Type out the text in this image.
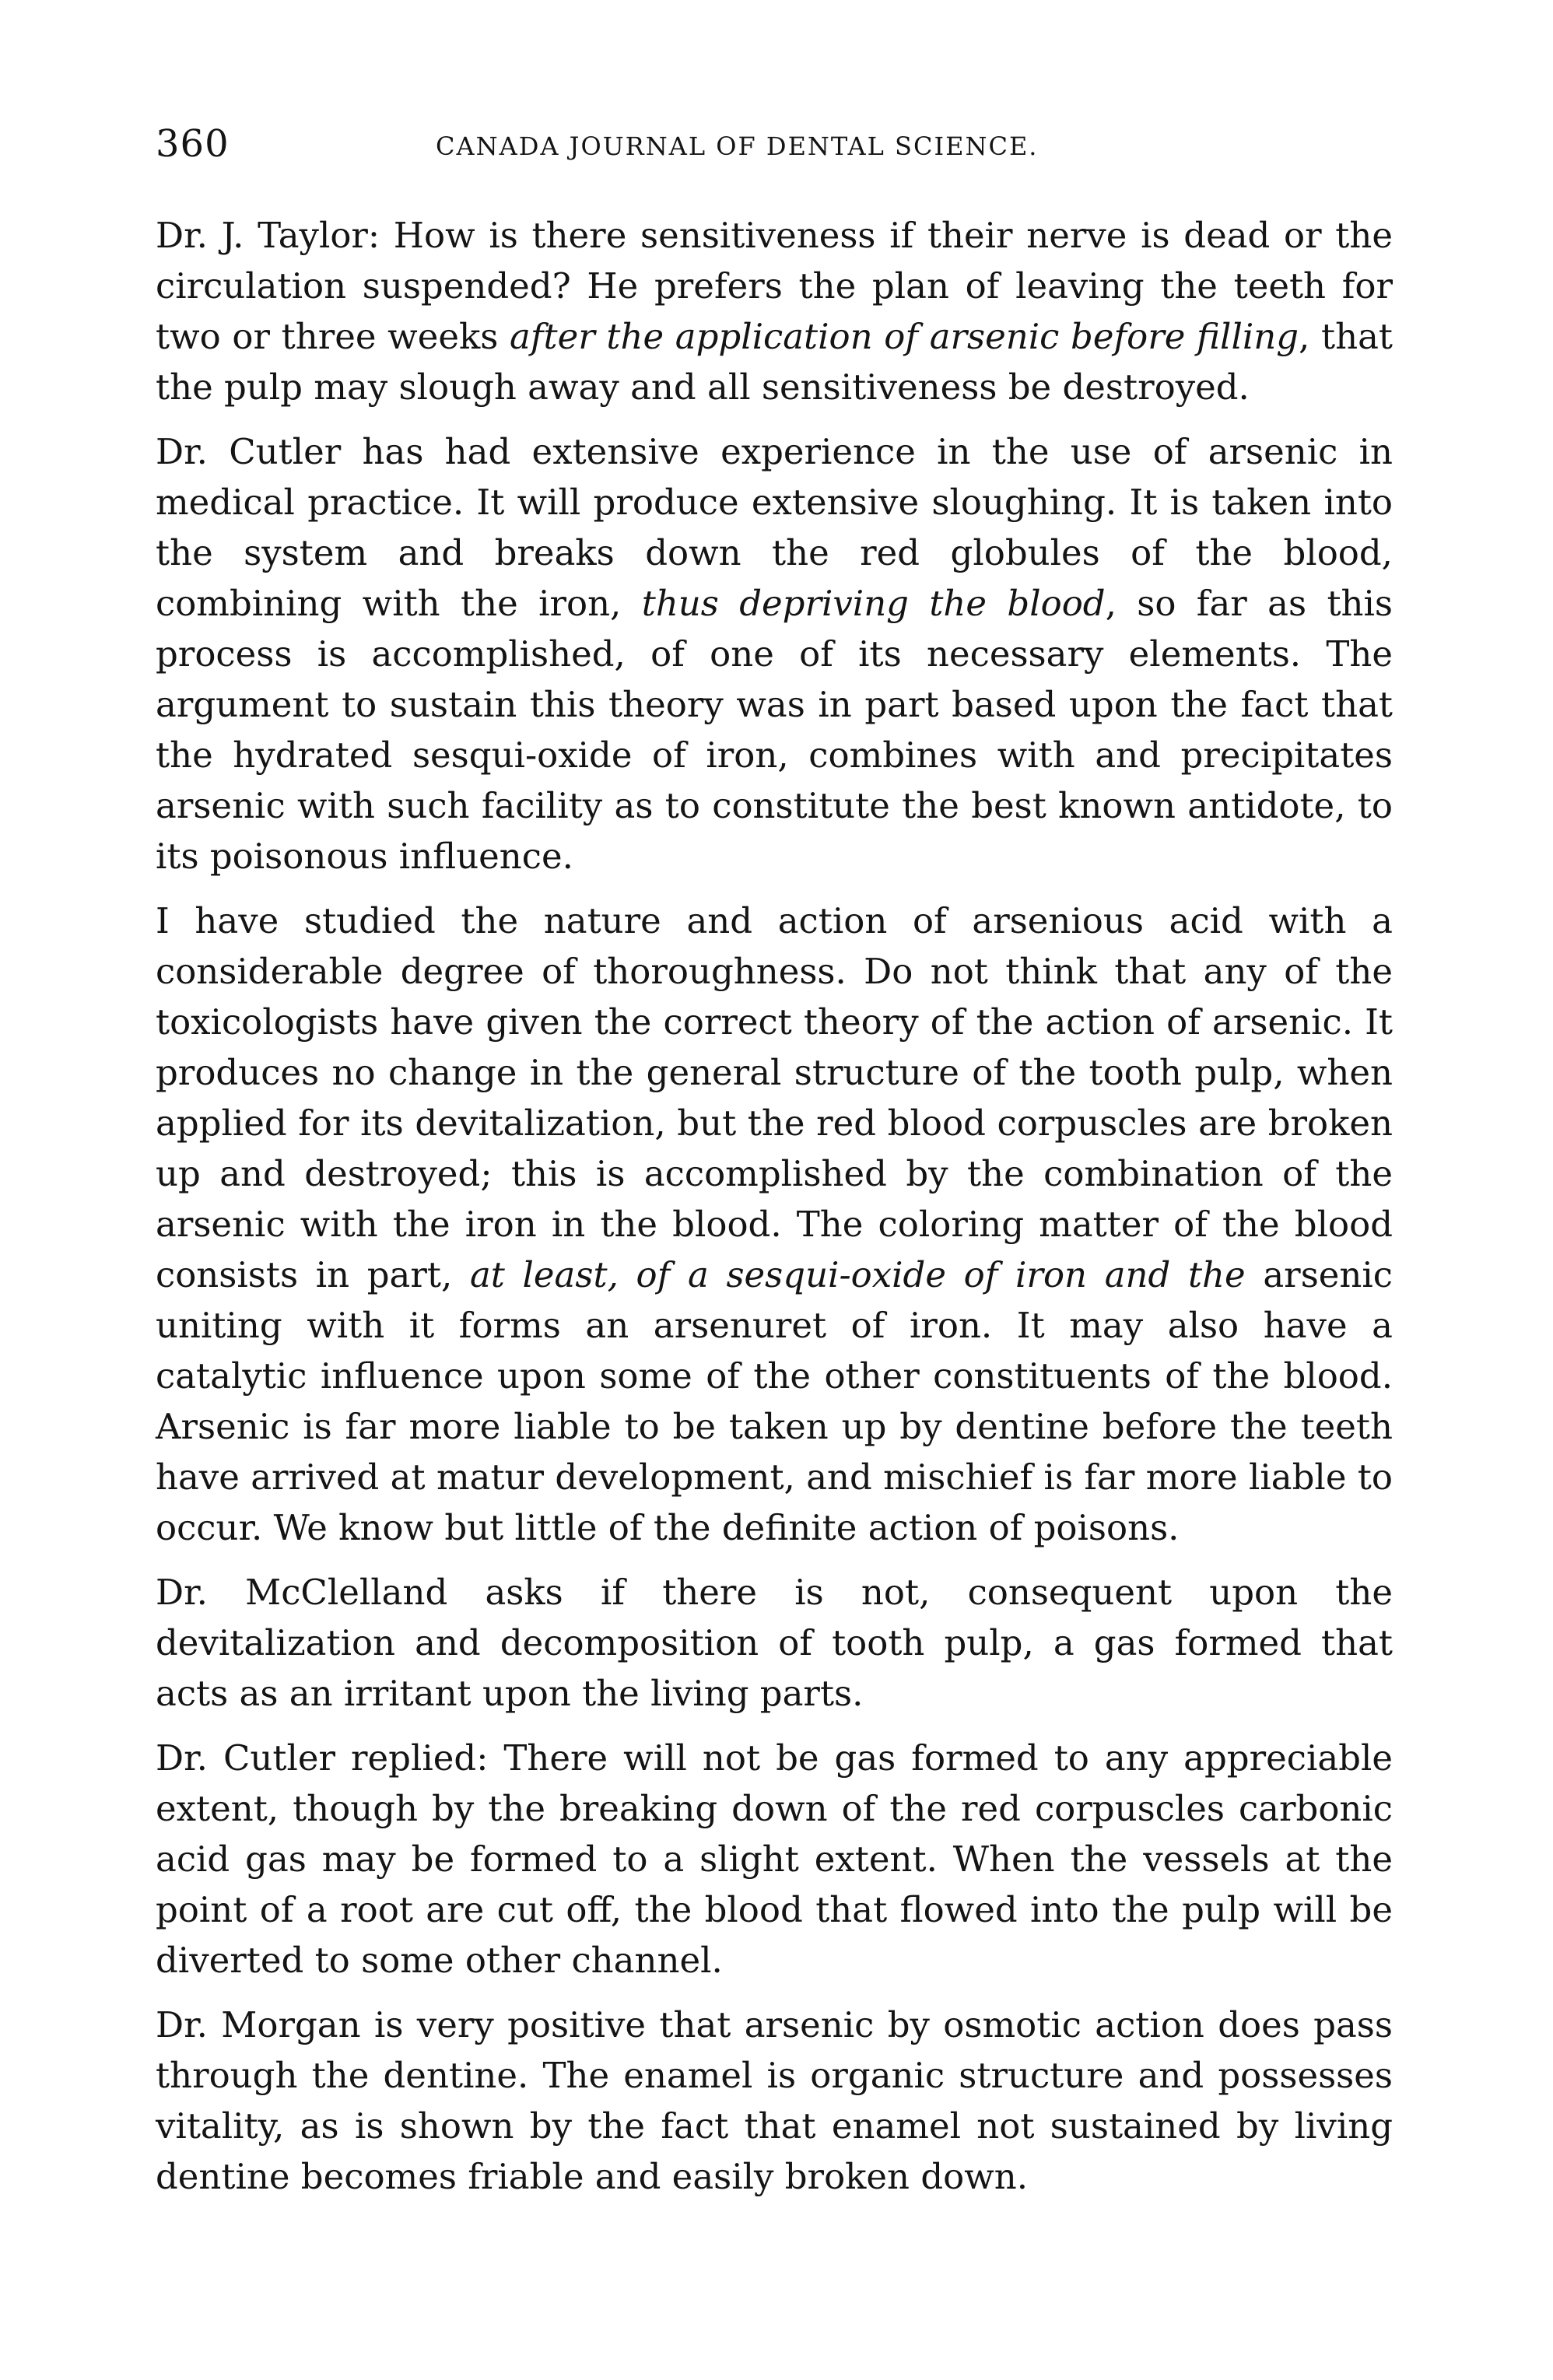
360	CANADA JOURNAL OF DENTAL SCIENCE.

Dr. J. Taylor: How is there sensitiveness if their nerve is dead or the circulation suspended? He prefers the plan of leaving the teeth for two or three weeks after the application of arsenic before filling, that the pulp may slough away and all sensitiveness be destroyed.

Dr. Cutler has had extensive experience in the use of arsenic in medical practice. It will produce extensive sloughing. It is taken into the system and breaks down the red globules of the blood, combining with the iron, thus depriving the blood, so far as this process is accomplished, of one of its necessary elements. The argument to sustain this theory was in part based upon the fact that the hydrated sesqui-oxide of iron, combines with and precipitates arsenic with such facility as to constitute the best known antidote, to its poisonous influence.

I have studied the nature and action of arsenious acid with a considerable degree of thoroughness. Do not think that any of the toxicologists have given the correct theory of the action of arsenic. It produces no change in the general structure of the tooth pulp, when applied for its devitalization, but the red blood corpuscles are broken up and destroyed; this is accomplished by the combination of the arsenic with the iron in the blood. The coloring matter of the blood consists in part, at least, of a sesqui-oxide of iron and the arsenic uniting with it forms an arsenuret of iron. It may also have a catalytic influence upon some of the other constituents of the blood. Arsenic is far more liable to be taken up by dentine before the teeth have arrived at matur development, and mischief is far more liable to occur. We know but little of the definite action of poisons.

Dr. McClelland asks if there is not, consequent upon the devitalization and decomposition of tooth pulp, a gas formed that acts as an irritant upon the living parts.

Dr. Cutler replied: There will not be gas formed to any appreciable extent, though by the breaking down of the red corpuscles carbonic acid gas may be formed to a slight extent. When the vessels at the point of a root are cut off, the blood that flowed into the pulp will be diverted to some other channel.

Dr. Morgan is very positive that arsenic by osmotic action does pass through the dentine. The enamel is organic structure and possesses vitality, as is shown by the fact that enamel not sustained by living dentine becomes friable and easily broken down.
